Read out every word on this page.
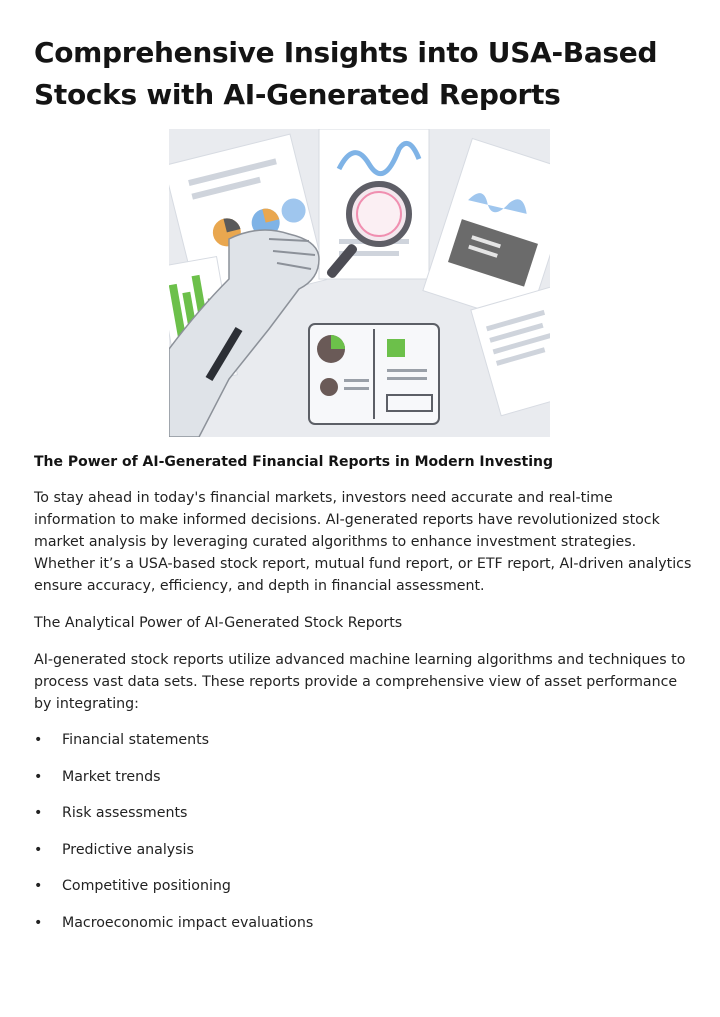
Comprehensive Insights into USA-Based Stocks with AI-Generated Reports
The Power of AI-Generated Financial Reports in Modern Investing

To stay ahead in today's financial markets, investors need accurate and real-time information to make informed decisions. AI-generated reports have revolutionized stock market analysis by leveraging curated algorithms to enhance investment strategies. Whether it’s a USA-based stock report, mutual fund report, or ETF report, AI-driven analytics ensure accuracy, efficiency, and depth in financial assessment.

The Analytical Power of AI-Generated Stock Reports

AI-generated stock reports utilize advanced machine learning algorithms and techniques to process vast data sets. These reports provide a comprehensive view of asset performance by integrating:

• Financial statements
• Market trends
• Risk assessments
• Predictive analysis
• Competitive positioning
• Macroeconomic impact evaluations
